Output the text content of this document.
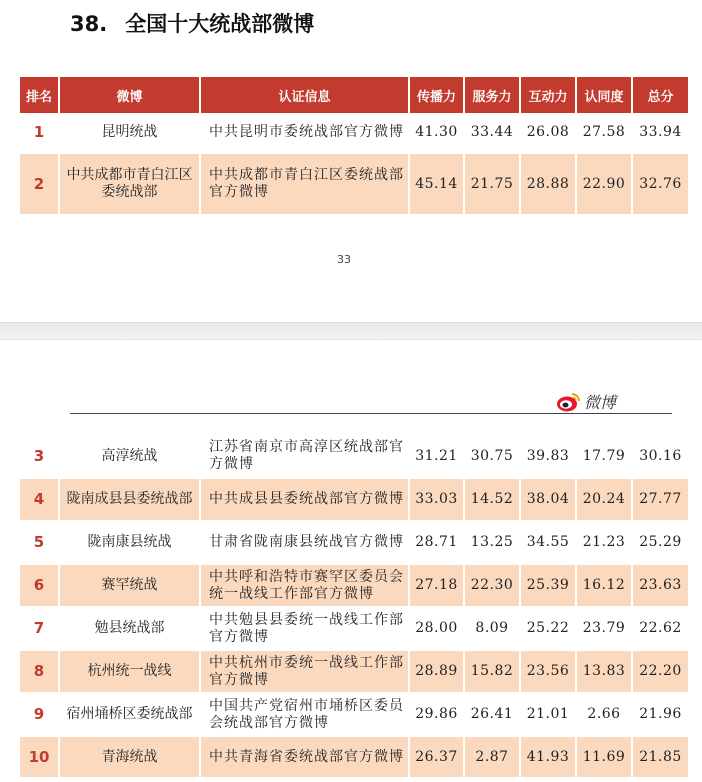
38. 全国十大统战部微博
排名	微博	认证信息	传播力	服务力	互动力	认同度	总分
1	昆明统战	中共昆明市委统战部官方微博	41.30	33.44	26.08	27.58	33.94
2	中共成都市青白江区委统战部	中共成都市青白江区委统战部官方微博	45.14	21.75	28.88	22.90	32.76
33
微博
3	高淳统战	江苏省南京市高淳区统战部官方微博	31.21	30.75	39.83	17.79	30.16
4	陇南成县县委统战部	中共成县县委统战部官方微博	33.03	14.52	38.04	20.24	27.77
5	陇南康县统战	甘肃省陇南康县统战官方微博	28.71	13.25	34.55	21.23	25.29
6	赛罕统战	中共呼和浩特市赛罕区委员会统一战线工作部官方微博	27.18	22.30	25.39	16.12	23.63
7	勉县统战部	中共勉县县委统一战线工作部官方微博	28.00	8.09	25.22	23.79	22.62
8	杭州统一战线	中共杭州市委统一战线工作部官方微博	28.89	15.82	23.56	13.83	22.20
9	宿州埇桥区委统战部	中国共产党宿州市埇桥区委员会统战部官方微博	29.86	26.41	21.01	2.66	21.96
10	青海统战	中共青海省委统战部官方微博	26.37	2.87	41.93	11.69	21.85
